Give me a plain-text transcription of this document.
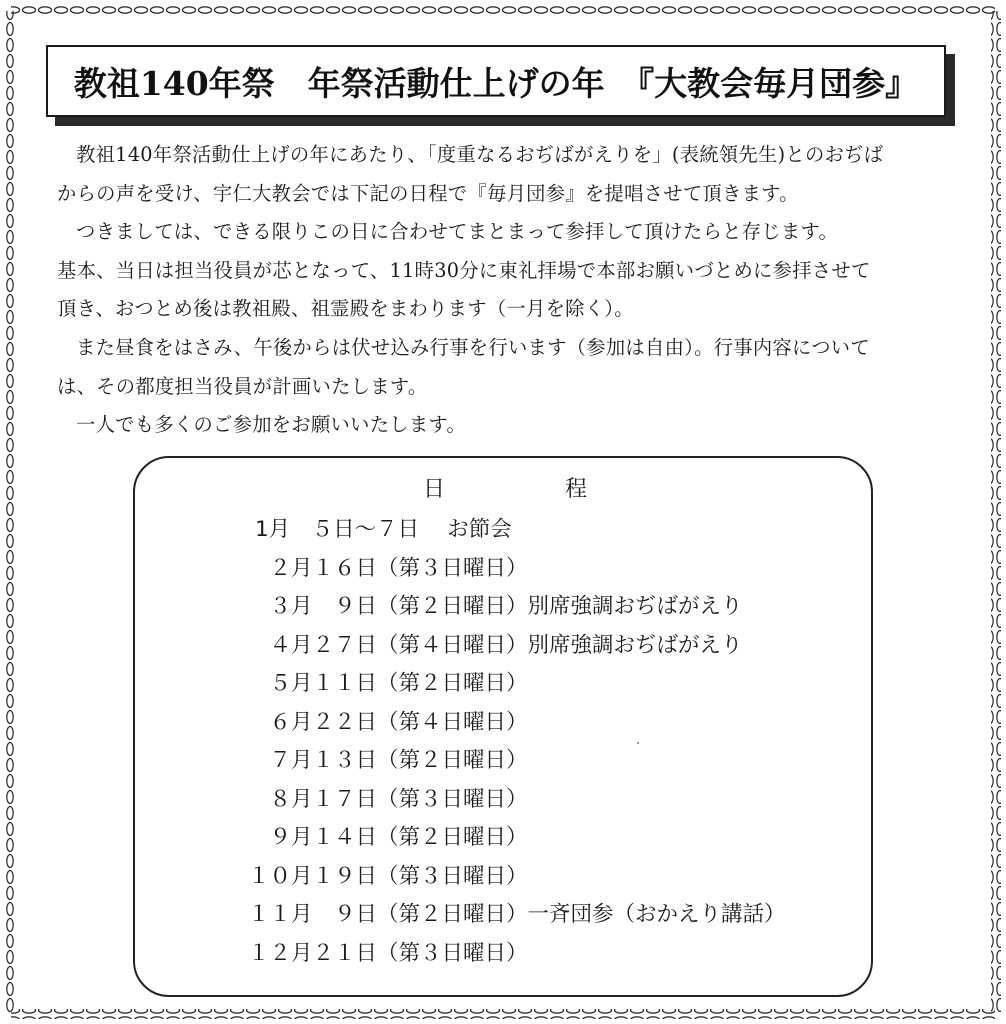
教祖140年祭　年祭活動仕上げの年　『大教会毎月団参』

教祖140年祭活動仕上げの年にあたり、「度重なるおぢばがえりを」(表統領先生)とのおぢば

からの声を受け、宇仁大教会では下記の日程で『毎月団参』を提唱させて頂きます。

つきましては、できる限りこの日に合わせてまとまって参拝して頂けたらと存じます。

基本、当日は担当役員が芯となって、11時30分に東礼拝場で本部お願いづとめに参拝させて

頂き、おつとめ後は教祖殿、祖霊殿をまわります（一月を除く）。

また昼食をはさみ、午後からは伏せ込み行事を行います（参加は自由）。行事内容について

は、その都度担当役員が計画いたします。

一人でも多くのご参加をお願いいたします。

日	程
1月　５日〜７日 お節会
２月１６日（第３日曜日）
３月　９日（第２日曜日）別席強調おぢばがえり
４月２７日（第４日曜日）別席強調おぢばがえり
５月１１日（第２日曜日）
６月２２日（第４日曜日）
７月１３日（第２日曜日）
８月１７日（第３日曜日）
９月１４日（第２日曜日）
１０月１９日（第３日曜日）
１１月　９日（第２日曜日）一斉団参（おかえり講話）
１２月２１日（第３日曜日）
